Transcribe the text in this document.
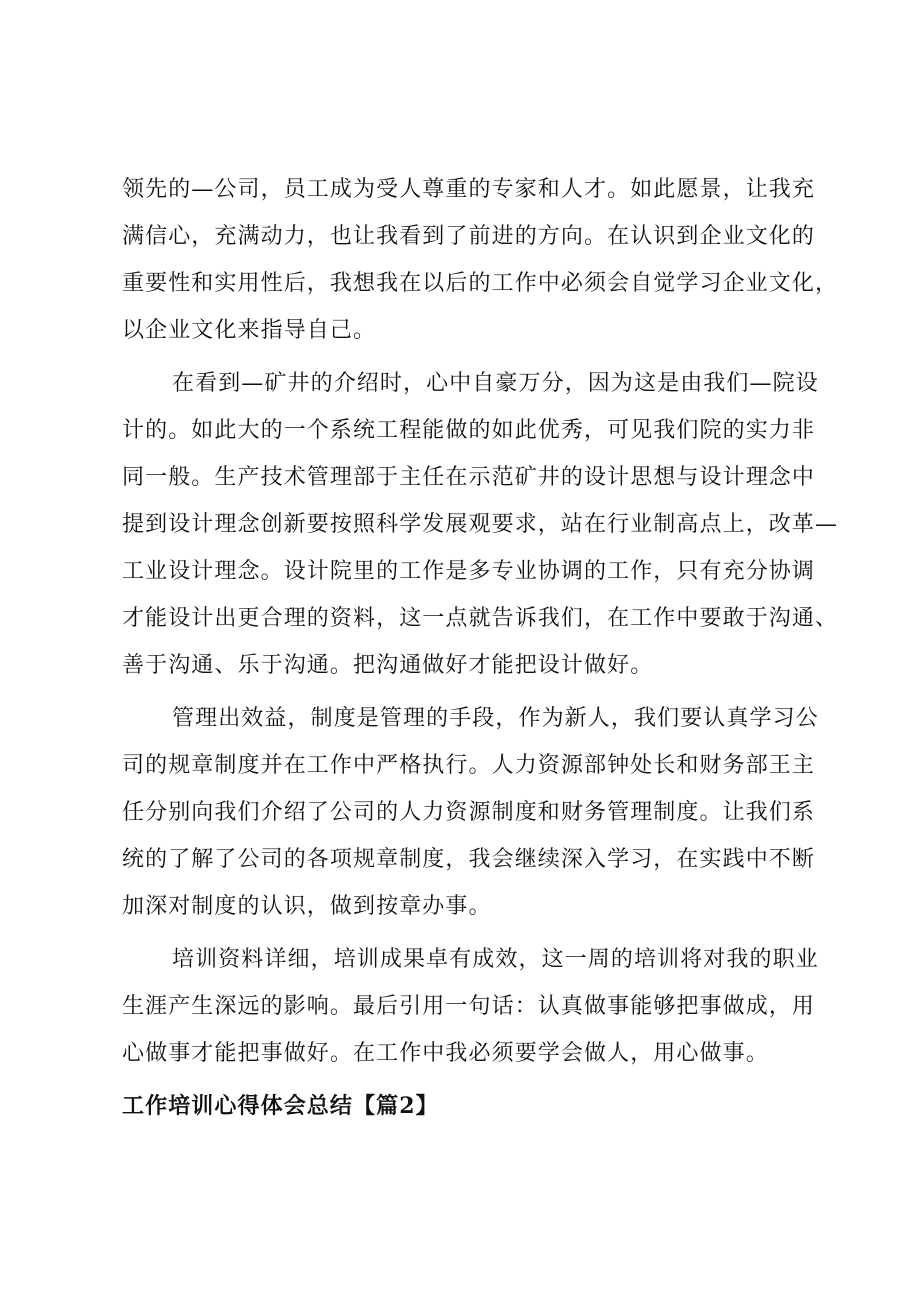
领先的—公司，员工成为受人尊重的专家和人才。如此愿景，让我充
满信心，充满动力，也让我看到了前进的方向。在认识到企业文化的
重要性和实用性后，我想我在以后的工作中必须会自觉学习企业文化，
以企业文化来指导自己。

在看到—矿井的介绍时，心中自豪万分，因为这是由我们—院设
计的。如此大的一个系统工程能做的如此优秀，可见我们院的实力非
同一般。生产技术管理部于主任在示范矿井的设计思想与设计理念中
提到设计理念创新要按照科学发展观要求，站在行业制高点上，改革—
工业设计理念。设计院里的工作是多专业协调的工作，只有充分协调
才能设计出更合理的资料，这一点就告诉我们，在工作中要敢于沟通、
善于沟通、乐于沟通。把沟通做好才能把设计做好。

管理出效益，制度是管理的手段，作为新人，我们要认真学习公
司的规章制度并在工作中严格执行。人力资源部钟处长和财务部王主
任分别向我们介绍了公司的人力资源制度和财务管理制度。让我们系
统的了解了公司的各项规章制度，我会继续深入学习，在实践中不断
加深对制度的认识，做到按章办事。

培训资料详细，培训成果卓有成效，这一周的培训将对我的职业
生涯产生深远的影响。最后引用一句话：认真做事能够把事做成，用
心做事才能把事做好。在工作中我必须要学会做人，用心做事。

工作培训心得体会总结【篇2】
